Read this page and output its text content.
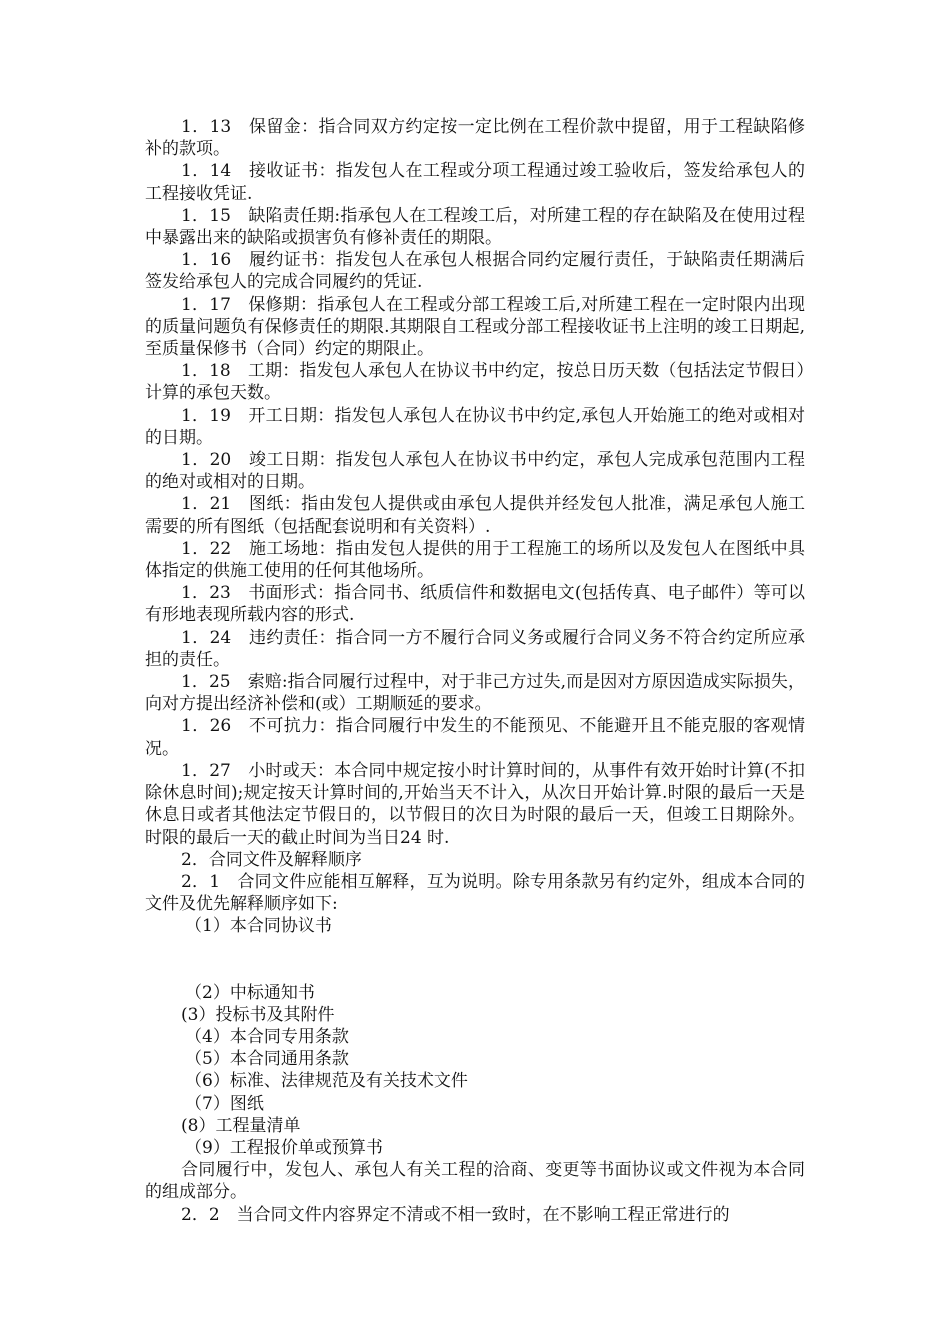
1．13　保留金：指合同双方约定按一定比例在工程价款中提留，用于工程缺陷修补的款项。

1．14　接收证书：指发包人在工程或分项工程通过竣工验收后，签发给承包人的工程接收凭证.

1．15　缺陷责任期:指承包人在工程竣工后，对所建工程的存在缺陷及在使用过程中暴露出来的缺陷或损害负有修补责任的期限。

1．16　履约证书：指发包人在承包人根据合同约定履行责任，于缺陷责任期满后签发给承包人的完成合同履约的凭证.

1．17　保修期：指承包人在工程或分部工程竣工后,对所建工程在一定时限内出现的质量问题负有保修责任的期限.其期限自工程或分部工程接收证书上注明的竣工日期起,至质量保修书（合同）约定的期限止。

1．18　工期：指发包人承包人在协议书中约定，按总日历天数（包括法定节假日）计算的承包天数。

1．19　开工日期：指发包人承包人在协议书中约定,承包人开始施工的绝对或相对的日期。

1．20　竣工日期：指发包人承包人在协议书中约定，承包人完成承包范围内工程的绝对或相对的日期。

1．21　图纸：指由发包人提供或由承包人提供并经发包人批准，满足承包人施工需要的所有图纸（包括配套说明和有关资料）.

1．22　施工场地：指由发包人提供的用于工程施工的场所以及发包人在图纸中具体指定的供施工使用的任何其他场所。

1．23　书面形式：指合同书、纸质信件和数据电文(包括传真、电子邮件）等可以有形地表现所载内容的形式.

1．24　违约责任：指合同一方不履行合同义务或履行合同义务不符合约定所应承担的责任。

1．25　索赔:指合同履行过程中，对于非己方过失,而是因对方原因造成实际损失，向对方提出经济补偿和(或）工期顺延的要求。

1．26　不可抗力：指合同履行中发生的不能预见、不能避开且不能克服的客观情况。

1．27　小时或天：本合同中规定按小时计算时间的，从事件有效开始时计算(不扣除休息时间);规定按天计算时间的,开始当天不计入，从次日开始计算.时限的最后一天是休息日或者其他法定节假日的，以节假日的次日为时限的最后一天，但竣工日期除外。时限的最后一天的截止时间为当日24 时.

2．合同文件及解释顺序

2．1　合同文件应能相互解释，互为说明。除专用条款另有约定外，组成本合同的文件及优先解释顺序如下:

（1）本合同协议书

（2）中标通知书

(3）投标书及其附件

（4）本合同专用条款

（5）本合同通用条款

（6）标准、法律规范及有关技术文件

（7）图纸

(8）工程量清单

（9）工程报价单或预算书

合同履行中，发包人、承包人有关工程的洽商、变更等书面协议或文件视为本合同的组成部分。

2．2　当合同文件内容界定不清或不相一致时，在不影响工程正常进行的
